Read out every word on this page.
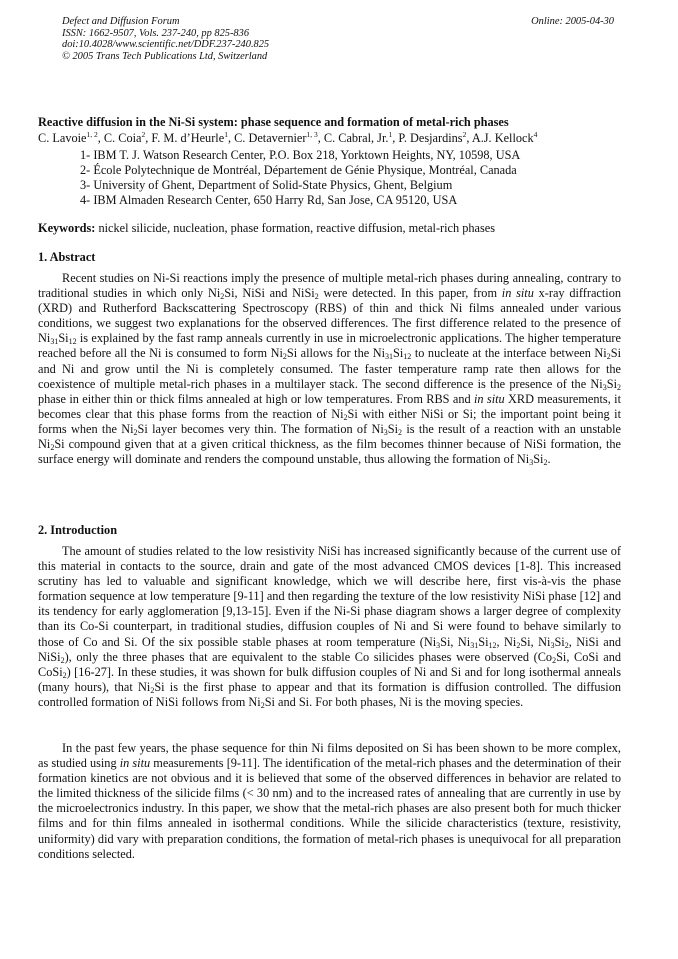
Defect and Diffusion Forum
ISSN: 1662-9507, Vols. 237-240, pp 825-836
doi:10.4028/www.scientific.net/DDF.237-240.825
© 2005 Trans Tech Publications Ltd, Switzerland
Online: 2005-04-30
Reactive diffusion in the Ni-Si system: phase sequence and formation of metal-rich phases
C. Lavoie$^{1, 2}$, C. Coia$^2$, F. M. d’Heurle$^1$, C. Detavernier$^{1, 3}$, C. Cabral, Jr.$^1$, P. Desjardins$^2$, A.J. Kellock$^4$
1- IBM T. J. Watson Research Center, P.O. Box 218, Yorktown Heights, NY, 10598, USA
2- École Polytechnique de Montréal, Département de Génie Physique, Montréal, Canada
3- University of Ghent, Department of Solid-State Physics, Ghent, Belgium
4- IBM Almaden Research Center, 650 Harry Rd, San Jose, CA 95120, USA
Keywords: nickel silicide, nucleation, phase formation, reactive diffusion, metal-rich phases
1. Abstract
Recent studies on Ni-Si reactions imply the presence of multiple metal-rich phases during annealing, contrary to traditional studies in which only $Ni_2Si$, NiSi and NiSi$_2$ were detected. In this paper, from in situ x-ray diffraction (XRD) and Rutherford Backscattering Spectroscopy (RBS) of thin and thick Ni films annealed under various conditions, we suggest two explanations for the observed differences. The first difference related to the presence of $Ni_{31}Si_{12}$ is explained by the fast ramp anneals currently in use in microelectronic applications. The higher temperature reached before all the Ni is consumed to form $Ni_2Si$ allows for the $Ni_{31}Si_{12}$ to nucleate at the interface between $Ni_2Si$ and Ni and grow until the Ni is completely consumed. The faster temperature ramp rate then allows for the coexistence of multiple metal-rich phases in a multilayer stack. The second difference is the presence of the $Ni_3Si_2$ phase in either thin or thick films annealed at high or low temperatures. From RBS and in situ XRD measurements, it becomes clear that this phase forms from the reaction of $Ni_2Si$ with either NiSi or Si; the important point being it forms when the $Ni_2Si$ layer becomes very thin. The formation of $Ni_3Si_2$ is the result of a reaction with an unstable $Ni_2Si$ compound given that at a given critical thickness, as the film becomes thinner because of NiSi formation, the surface energy will dominate and renders the compound unstable, thus allowing the formation of $Ni_3Si_2$.
2. Introduction
The amount of studies related to the low resistivity NiSi has increased significantly because of the current use of this material in contacts to the source, drain and gate of the most advanced CMOS devices [1-8]. This increased scrutiny has led to valuable and significant knowledge, which we will describe here, first vis-à-vis the phase formation sequence at low temperature [9-11] and then regarding the texture of the low resistivity NiSi phase [12] and its tendency for early agglomeration [9,13-15]. Even if the Ni-Si phase diagram shows a larger degree of complexity than its Co-Si counterpart, in traditional studies, diffusion couples of Ni and Si were found to behave similarly to those of Co and Si. Of the six possible stable phases at room temperature ($Ni_3Si$, $Ni_{31}Si_{12}$, $Ni_2Si$, $Ni_3Si_2$, NiSi and NiSi$_2$), only the three phases that are equivalent to the stable Co silicides phases were observed ($Co_2Si$, CoSi and CoSi$_2$) [16-27]. In these studies, it was shown for bulk diffusion couples of Ni and Si and for long isothermal anneals (many hours), that $Ni_2Si$ is the first phase to appear and that its formation is diffusion controlled. The diffusion controlled formation of NiSi follows from $Ni_2Si$ and Si. For both phases, Ni is the moving species.
In the past few years, the phase sequence for thin Ni films deposited on Si has been shown to be more complex, as studied using in situ measurements [9-11]. The identification of the metal-rich phases and the determination of their formation kinetics are not obvious and it is believed that some of the observed differences in behavior are related to the limited thickness of the silicide films (< 30 nm) and to the increased rates of annealing that are currently in use by the microelectronics industry. In this paper, we show that the metal-rich phases are also present both for much thicker films and for thin films annealed in isothermal conditions. While the silicide characteristics (texture, resistivity, uniformity) did vary with preparation conditions, the formation of metal-rich phases is unequivocal for all preparation conditions selected.
